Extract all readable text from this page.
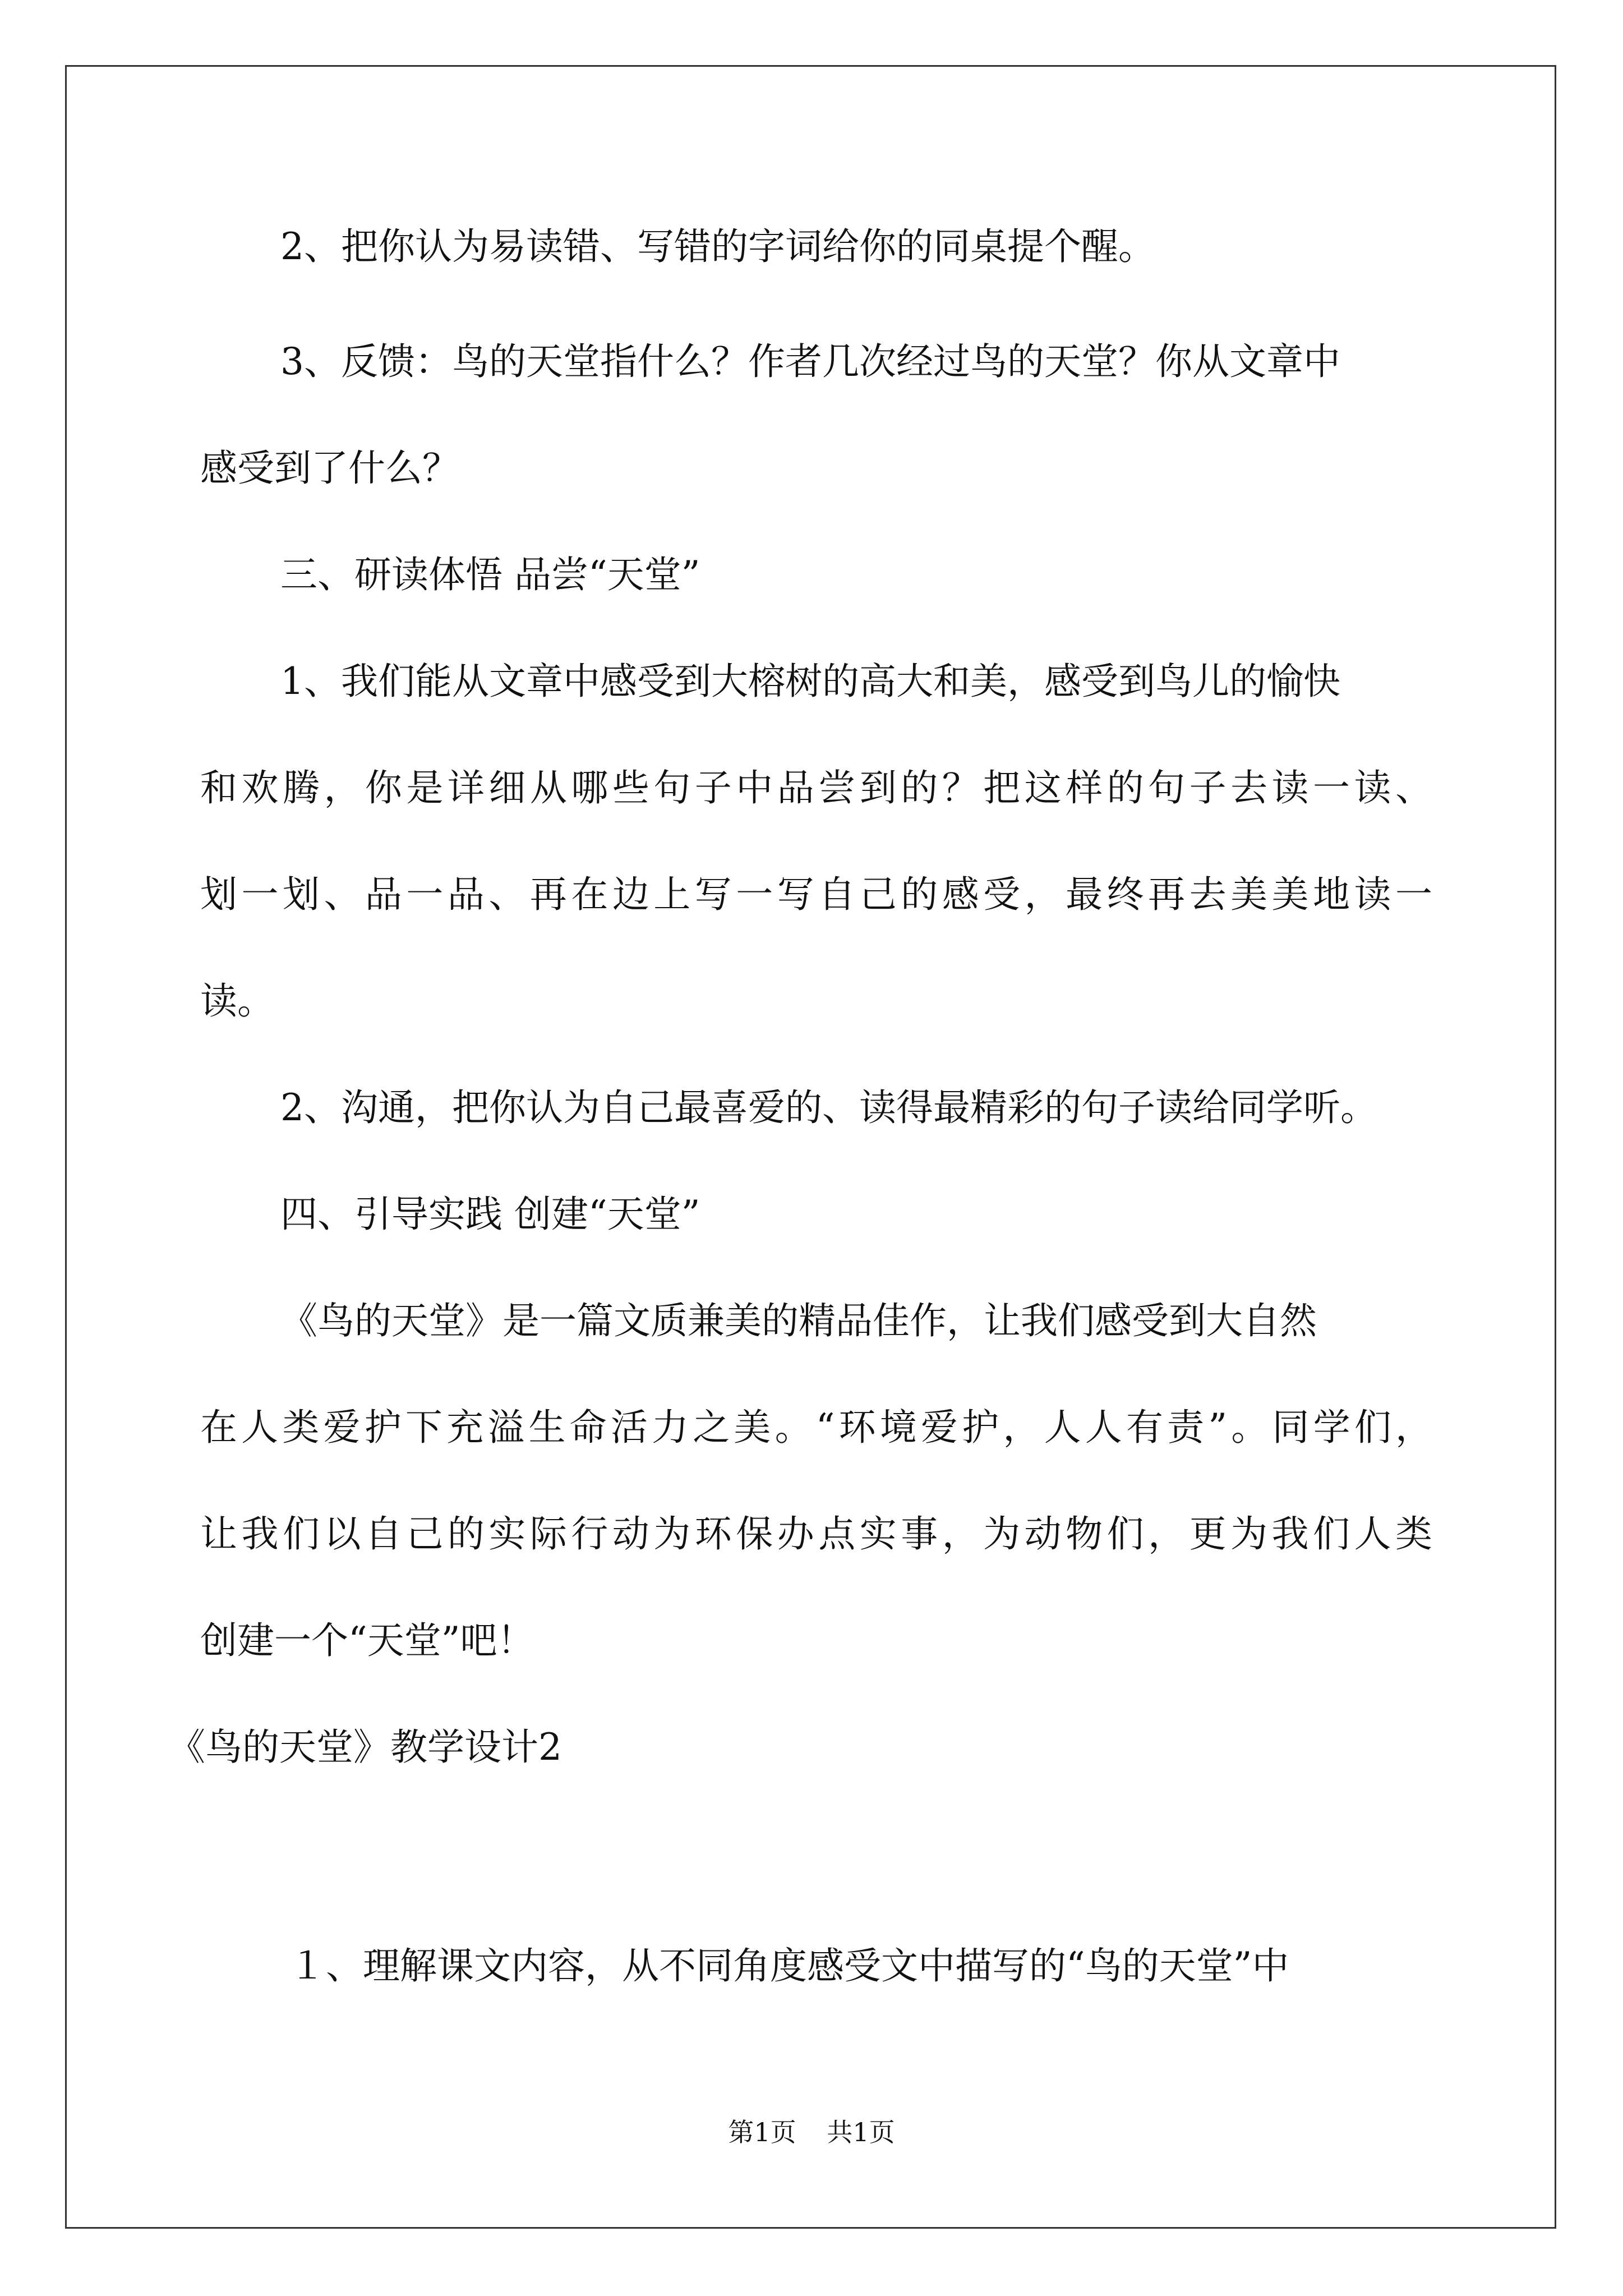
2、把你认为易读错、写错的字词给你的同桌提个醒。
3、反馈：鸟的天堂指什么？作者几次经过鸟的天堂？你从文章中
感受到了什么？
三、研读体悟 品尝“天堂”
1、我们能从文章中感受到大榕树的高大和美，感受到鸟儿的愉快
和欢腾，你是详细从哪些句子中品尝到的？把这样的句子去读一读、
划一划、品一品、再在边上写一写自己的感受，最终再去美美地读一
读。
2、沟通，把你认为自己最喜爱的、读得最精彩的句子读给同学听。
四、引导实践 创建“天堂”
《鸟的天堂》是一篇文质兼美的精品佳作，让我们感受到大自然
在人类爱护下充溢生命活力之美。“环境爱护，人人有责”。同学们，
让我们以自己的实际行动为环保办点实事，为动物们，更为我们人类
创建一个“天堂”吧！
《鸟的天堂》教学设计2
１、理解课文内容，从不同角度感受文中描写的“鸟的天堂”中
第1页 共1页
